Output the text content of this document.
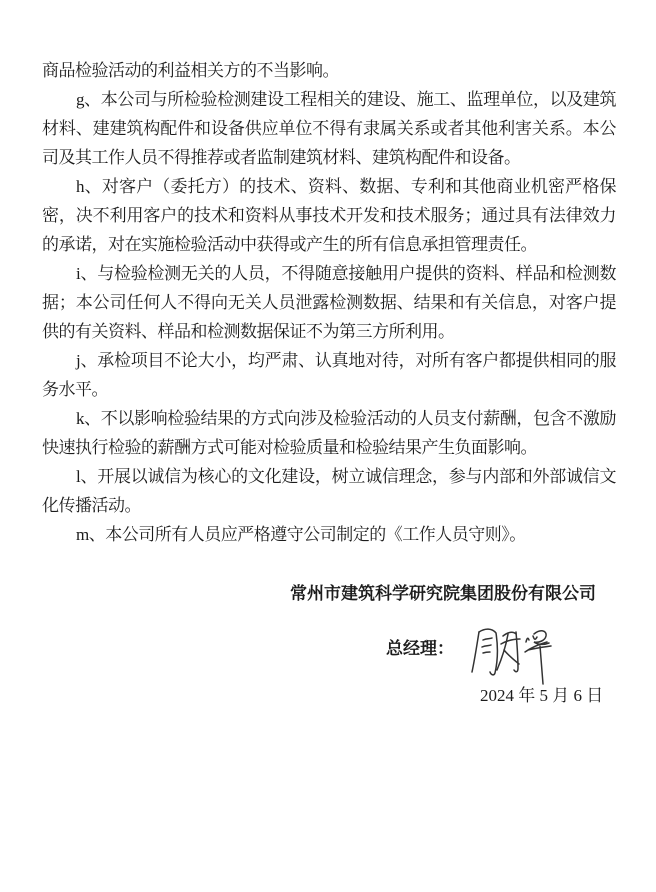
商品检验活动的利益相关方的不当影响。

g、本公司与所检验检测建设工程相关的建设、施工、监理单位，以及建筑材料、建建筑构配件和设备供应单位不得有隶属关系或者其他利害关系。本公司及其工作人员不得推荐或者监制建筑材料、建筑构配件和设备。

h、对客户（委托方）的技术、资料、数据、专利和其他商业机密严格保密，决不利用客户的技术和资料从事技术开发和技术服务；通过具有法律效力的承诺，对在实施检验活动中获得或产生的所有信息承担管理责任。

i、与检验检测无关的人员，不得随意接触用户提供的资料、样品和检测数据；本公司任何人不得向无关人员泄露检测数据、结果和有关信息，对客户提供的有关资料、样品和检测数据保证不为第三方所利用。

j、承检项目不论大小，均严肃、认真地对待，对所有客户都提供相同的服务水平。

k、不以影响检验结果的方式向涉及检验活动的人员支付薪酬，包含不激励快速执行检验的薪酬方式可能对检验质量和检验结果产生负面影响。

l、开展以诚信为核心的文化建设，树立诚信理念，参与内部和外部诚信文化传播活动。

m、本公司所有人员应严格遵守公司制定的《工作人员守则》。

常州市建筑科学研究院集团股份有限公司
总经理：
2024 年 5 月 6 日
